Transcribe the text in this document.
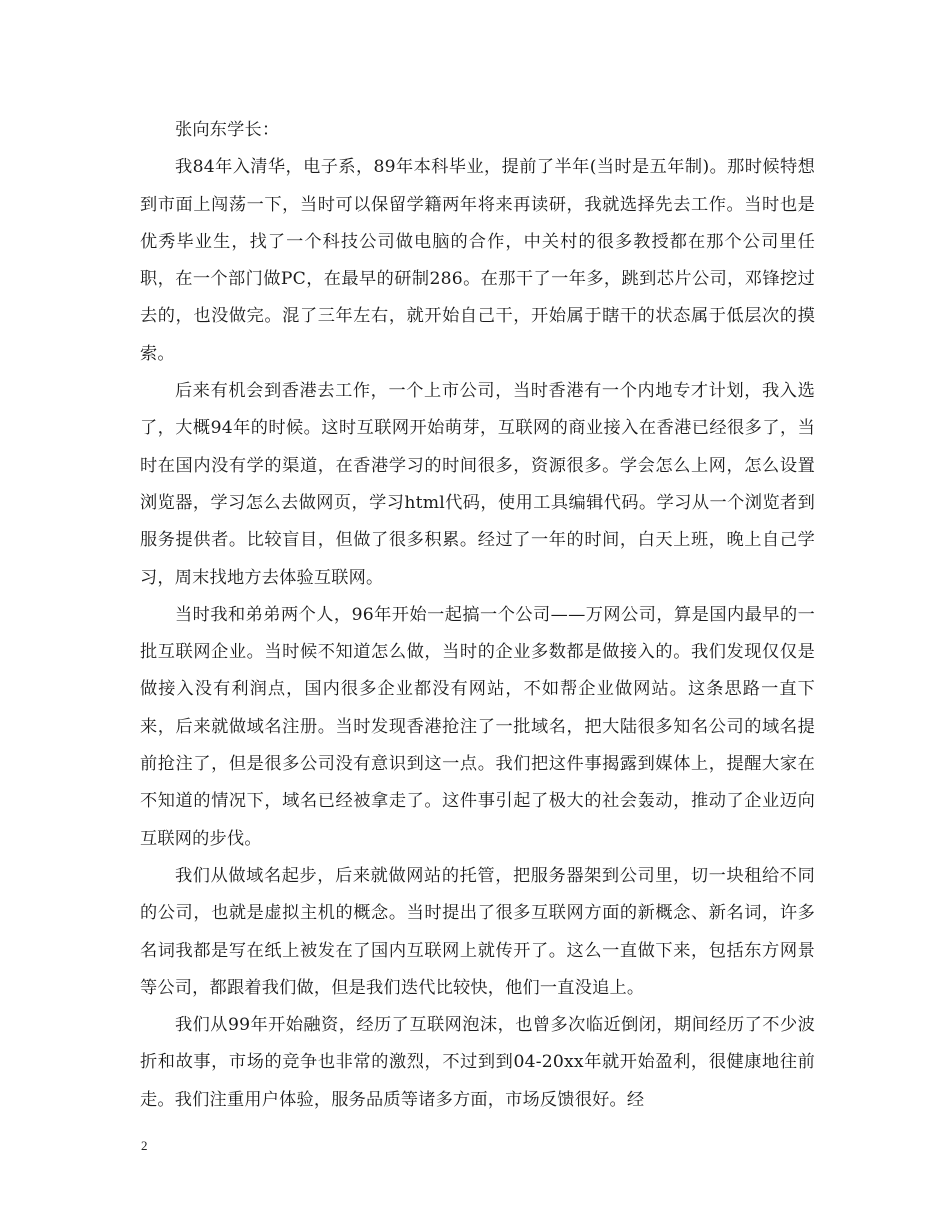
张向东学长：

我84年入清华，电子系，89年本科毕业，提前了半年(当时是五年制)。那时候特想到市面上闯荡一下，当时可以保留学籍两年将来再读研，我就选择先去工作。当时也是优秀毕业生，找了一个科技公司做电脑的合作，中关村的很多教授都在那个公司里任职，在一个部门做PC，在最早的研制286。在那干了一年多，跳到芯片公司，邓锋挖过去的，也没做完。混了三年左右，就开始自己干，开始属于瞎干的状态属于低层次的摸索。

后来有机会到香港去工作，一个上市公司，当时香港有一个内地专才计划，我入选了，大概94年的时候。这时互联网开始萌芽，互联网的商业接入在香港已经很多了，当时在国内没有学的渠道，在香港学习的时间很多，资源很多。学会怎么上网，怎么设置浏览器，学习怎么去做网页，学习html代码，使用工具编辑代码。学习从一个浏览者到服务提供者。比较盲目，但做了很多积累。经过了一年的时间，白天上班，晚上自己学习，周末找地方去体验互联网。

当时我和弟弟两个人，96年开始一起搞一个公司——万网公司，算是国内最早的一批互联网企业。当时候不知道怎么做，当时的企业多数都是做接入的。我们发现仅仅是做接入没有利润点，国内很多企业都没有网站，不如帮企业做网站。这条思路一直下来，后来就做域名注册。当时发现香港抢注了一批域名，把大陆很多知名公司的域名提前抢注了，但是很多公司没有意识到这一点。我们把这件事揭露到媒体上，提醒大家在不知道的情况下，域名已经被拿走了。这件事引起了极大的社会轰动，推动了企业迈向互联网的步伐。

我们从做域名起步，后来就做网站的托管，把服务器架到公司里，切一块租给不同的公司，也就是虚拟主机的概念。当时提出了很多互联网方面的新概念、新名词，许多名词我都是写在纸上被发在了国内互联网上就传开了。这么一直做下来，包括东方网景等公司，都跟着我们做，但是我们迭代比较快，他们一直没追上。

我们从99年开始融资，经历了互联网泡沫，也曾多次临近倒闭，期间经历了不少波折和故事，市场的竞争也非常的激烈，不过到到04-20xx年就开始盈利，很健康地往前走。我们注重用户体验，服务品质等诸多方面，市场反馈很好。经

2
